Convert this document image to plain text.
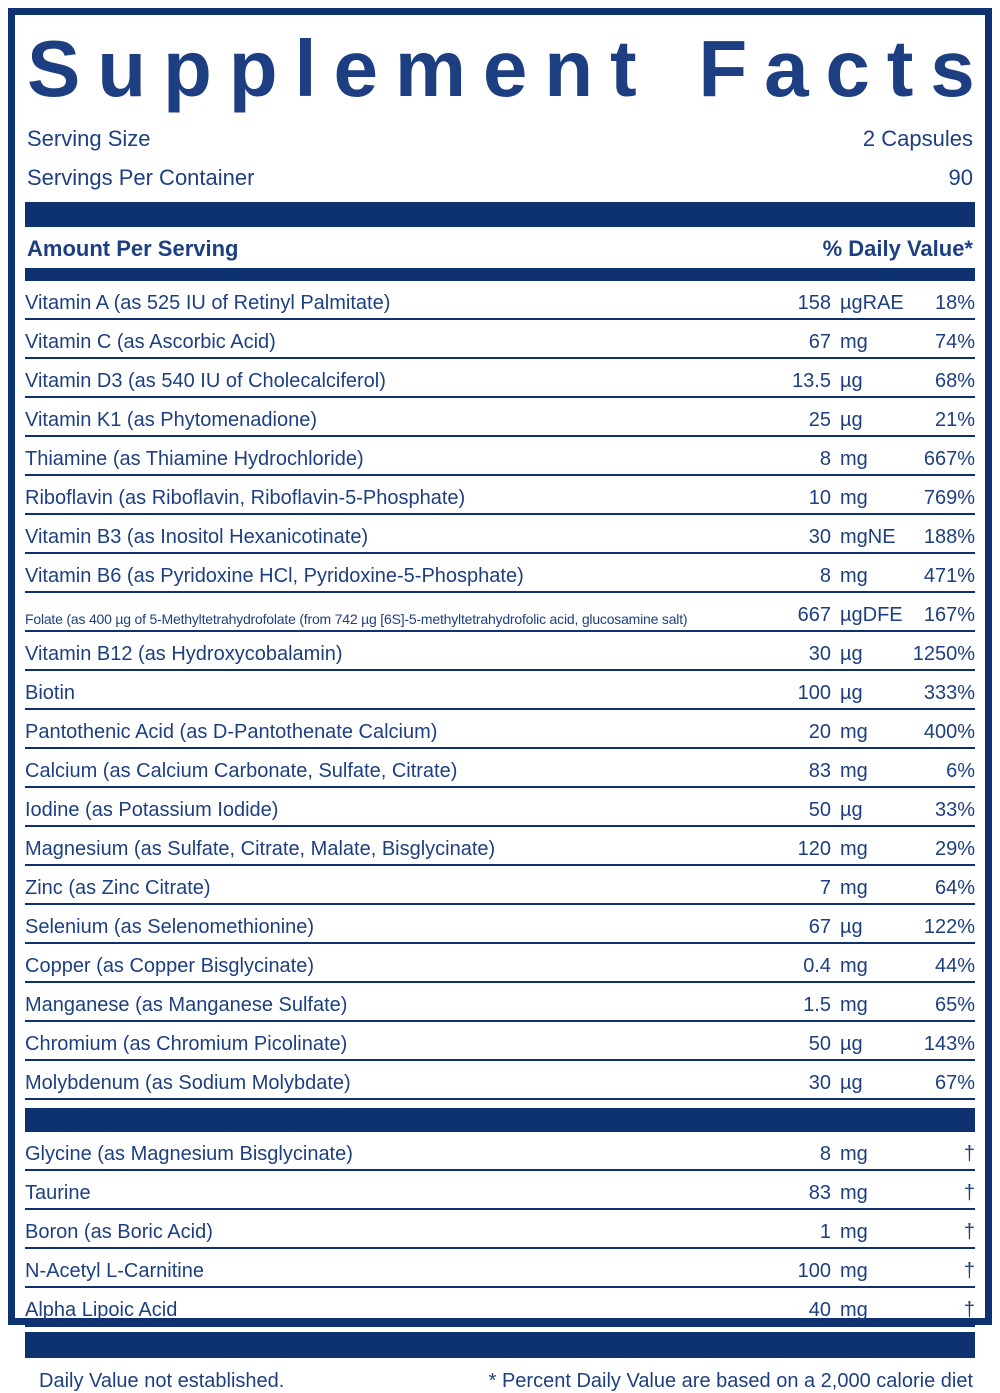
S u p p l e m e n t
F a c t s
Serving Size	2 Capsules
Servings Per Container	90
Amount Per Serving	% Daily Value*
Vitamin A (as 525 IU of Retinyl Palmitate)	158 µgRAE	18%
Vitamin C (as Ascorbic Acid)	67 mg	74%
Vitamin D3 (as 540 IU of Cholecalciferol)	13.5 µg	68%
Vitamin K1 (as Phytomenadione)	25 µg	21%
Thiamine (as Thiamine Hydrochloride)	8 mg	667%
Riboflavin (as Riboflavin, Riboflavin-5-Phosphate)	10 mg	769%
Vitamin B3 (as Inositol Hexanicotinate)	30 mgNE	188%
Vitamin B6 (as Pyridoxine HCl, Pyridoxine-5-Phosphate)	8 mg	471%
Folate (as 400 µg of 5-Methyltetrahydrofolate (from 742 µg [6S]-5-methyltetrahydrofolic acid, glucosamine salt)	667 µgDFE	167%
Vitamin B12 (as Hydroxycobalamin)	30 µg	1250%
Biotin	100 µg	333%
Pantothenic Acid (as D-Pantothenate Calcium)	20 mg	400%
Calcium (as Calcium Carbonate, Sulfate, Citrate)	83 mg	6%
Iodine (as Potassium Iodide)	50 µg	33%
Magnesium (as Sulfate, Citrate, Malate, Bisglycinate)	120 mg	29%
Zinc (as Zinc Citrate)	7 mg	64%
Selenium (as Selenomethionine)	67 µg	122%
Copper (as Copper Bisglycinate)	0.4 mg	44%
Manganese (as Manganese Sulfate)	1.5 mg	65%
Chromium (as Chromium Picolinate)	50 µg	143%
Molybdenum (as Sodium Molybdate)	30 µg	67%
Glycine (as Magnesium Bisglycinate)	8 mg	†
Taurine	83 mg	†
Boron (as Boric Acid)	1 mg	†
N-Acetyl L-Carnitine	100 mg	†
Alpha Lipoic Acid	40 mg	†
Daily Value not established.	* Percent Daily Value are based on a 2,000 calorie diet
